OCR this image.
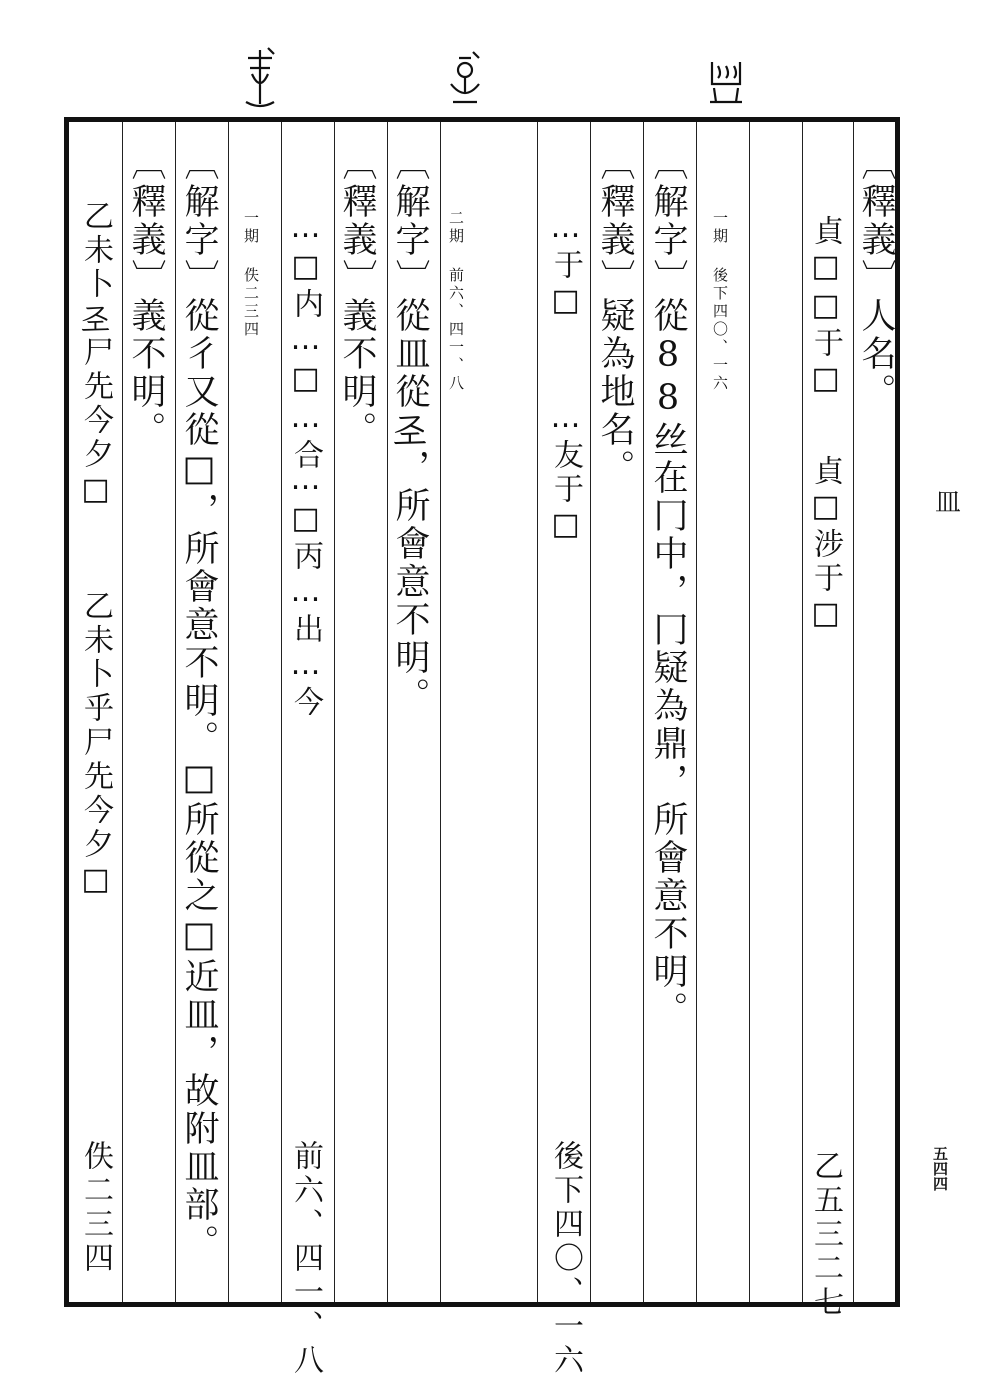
皿
五四四
〔釋義〕人名。
貞□□于□
貞□涉于□
乙五三二七
一期 後下四〇、一六
〔解字〕從88丝在冂中，冂疑為鼎，所會意不明。
〔釋義〕疑為地名。
…于□
…友于□
後下四〇、一六
二期 前六、四一、八
〔解字〕從皿從𢀖，所會意不明。
〔釋義〕義不明。
…□内…□…合
…□丙…出…今
前六、四一、八
一期 佚二三四
〔解字〕從彳又從□，所會意不明。□所從之□近皿，故附皿部。
〔釋義〕義不明。
乙未卜𢀖尸先今夕□
乙未卜乎尸先今夕□
佚二三四
